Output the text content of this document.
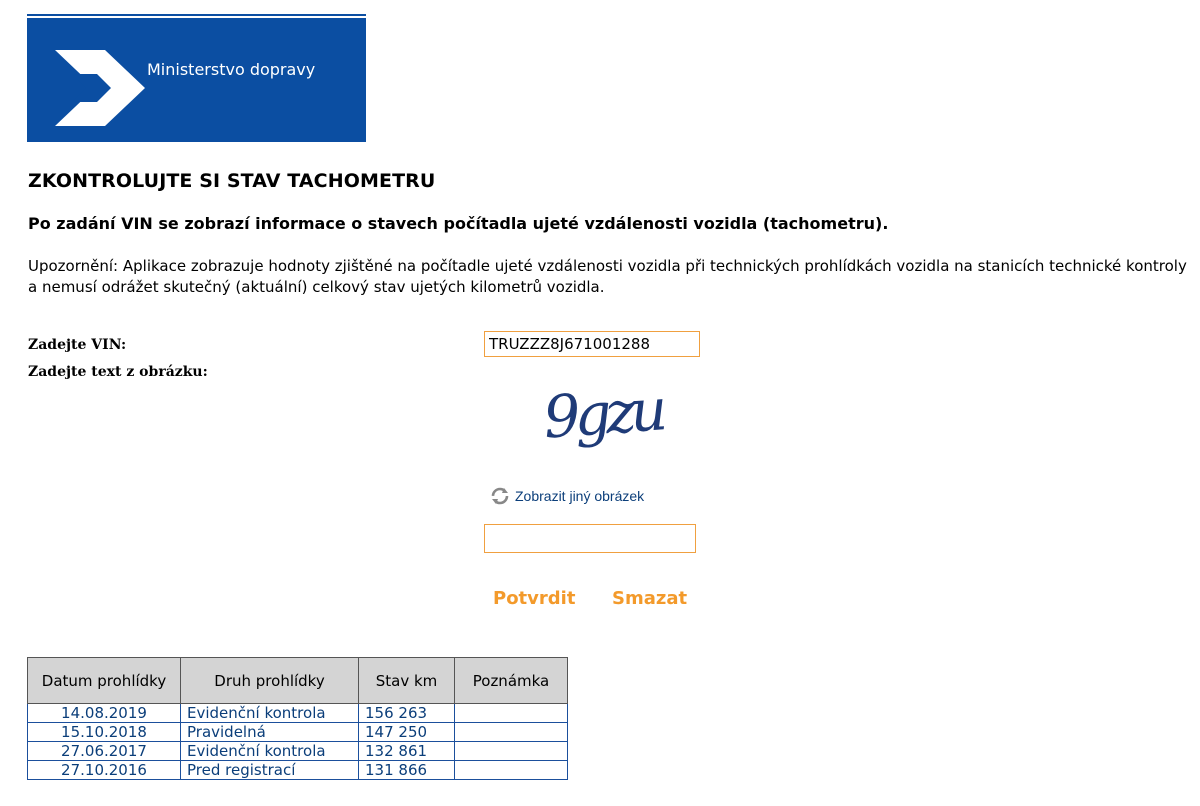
Ministerstvo dopravy
ZKONTROLUJTE SI STAV TACHOMETRU

Po zadání VIN se zobrazí informace o stavech počítadla ujeté vzdálenosti vozidla (tachometru).

Upozornění: Aplikace zobrazuje hodnoty zjištěné na počítadle ujeté vzdálenosti vozidla při technických prohlídkách vozidla na stanicích technické kontroly a nemusí odrážet skutečný (aktuální) celkový stav ujetých kilometrů vozidla.

Zadejte VIN:
Zadejte text z obrázku:
TRUZZZ8J671001288
9gzu
Zobrazit jiný obrázek
Potvrdit Smazat
Datum prohlídky	Druh prohlídky	Stav km	Poznámka
14.08.2019	Evidenční kontrola	156 263	
15.10.2018	Pravidelná	147 250	
27.06.2017	Evidenční kontrola	132 861	
27.10.2016	Pred registrací	131 866	
